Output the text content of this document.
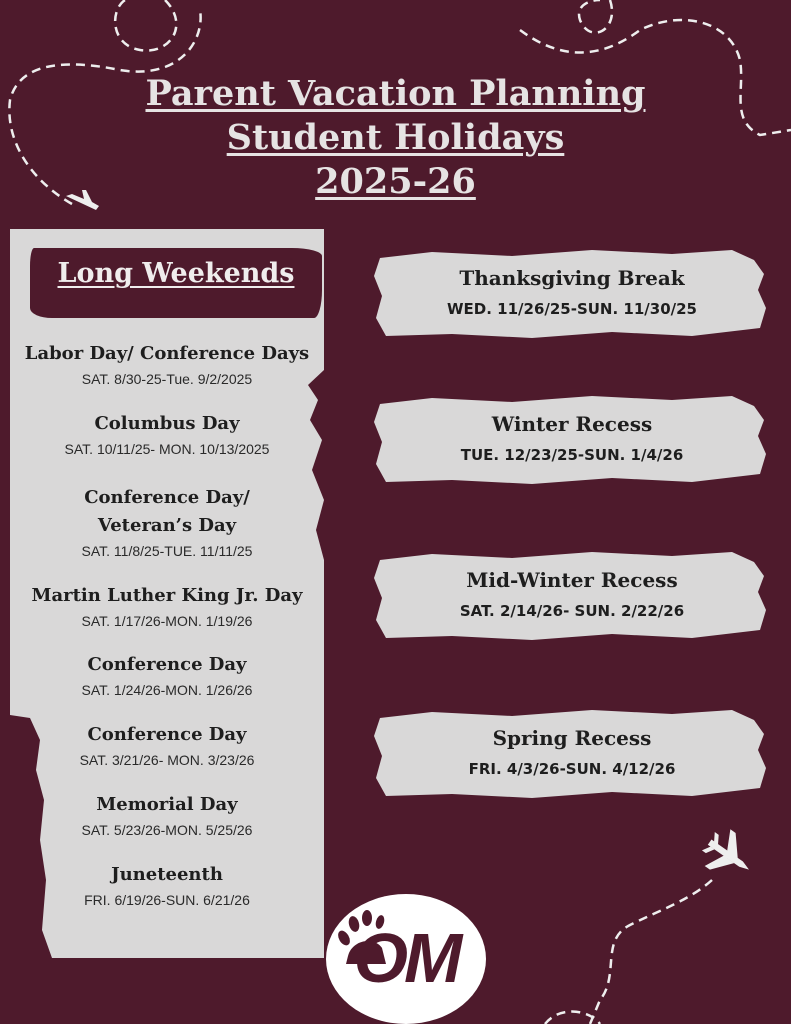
Parent Vacation Planning
Student Holidays
2025-26
Long Weekends
Labor Day/ Conference Days
SAT. 8/30-25-Tue. 9/2/2025
Columbus Day
SAT. 10/11/25- MON. 10/13/2025
Conference Day/
Veteran’s Day
SAT. 11/8/25-TUE. 11/11/25
Martin Luther King Jr. Day
SAT. 1/17/26-MON. 1/19/26
Conference Day
SAT. 1/24/26-MON. 1/26/26
Conference Day
SAT. 3/21/26- MON. 3/23/26
Memorial Day
SAT. 5/23/26-MON. 5/25/26
Juneteenth
FRI. 6/19/26-SUN. 6/21/26
Thanksgiving Break
WED. 11/26/25-SUN. 11/30/25
Winter Recess
TUE. 12/23/25-SUN. 1/4/26
Mid-Winter Recess
SAT. 2/14/26- SUN. 2/22/26
Spring Recess
FRI. 4/3/26-SUN. 4/12/26
OM
